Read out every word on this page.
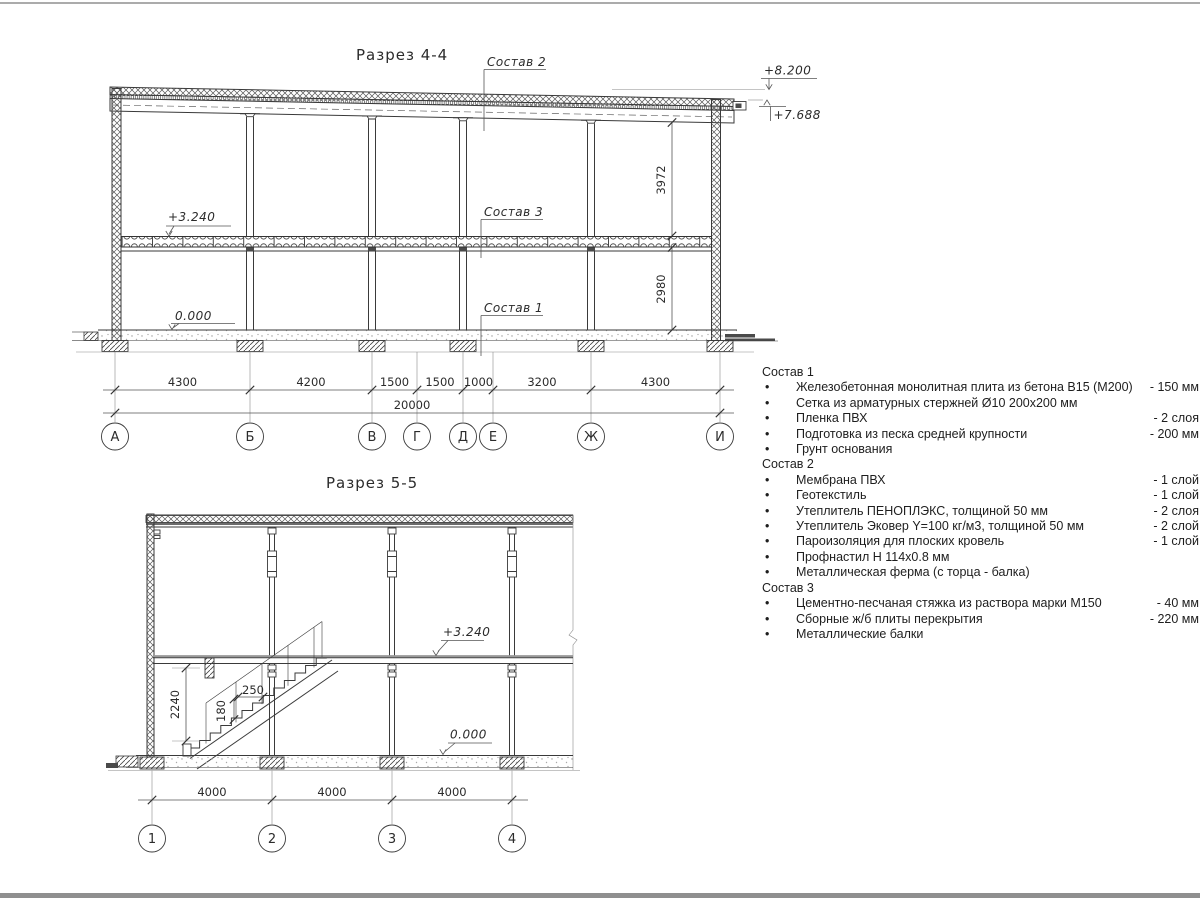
4300	4200	1500 1500 1000	3200	4300
20000
А	Б	В	Г	Д Е	Ж	И
3972
2980
+8.200
+7.688
+3.240
0.000
Состав 2
Состав 3
Состав 1
Разрез 4-4
Разрез 5-5
2240	250
180
+3.240
0.000
4000	4000	4000
1	2	3	4
Состав 1
•	Железобетонная монолитная плита из бетона В15 (М200)	- 150 мм
•	Сетка из арматурных стержней Ø10 200х200 мм
•	Пленка ПВХ	- 2 слоя
•	Подготовка из песка средней крупности	- 200 мм
•	Грунт основания
Состав 2
•	Мембрана ПВХ	- 1 слой
•	Геотекстиль	- 1 слой
•	Утеплитель ПЕНОПЛЭКС, толщиной 50 мм	- 2 слоя
•	Утеплитель Эковер Y=100 кг/м3, толщиной 50 мм	- 2 слой
•	Пароизоляция для плоских кровель	- 1 слой
•	Профнастил Н 114х0.8 мм
•	Металлическая ферма (с торца - балка)
Состав 3
•	Цементно-песчаная стяжка из раствора марки М150	- 40 мм
•	Сборные ж/б плиты перекрытия	- 220 мм
•	Металлические балки
